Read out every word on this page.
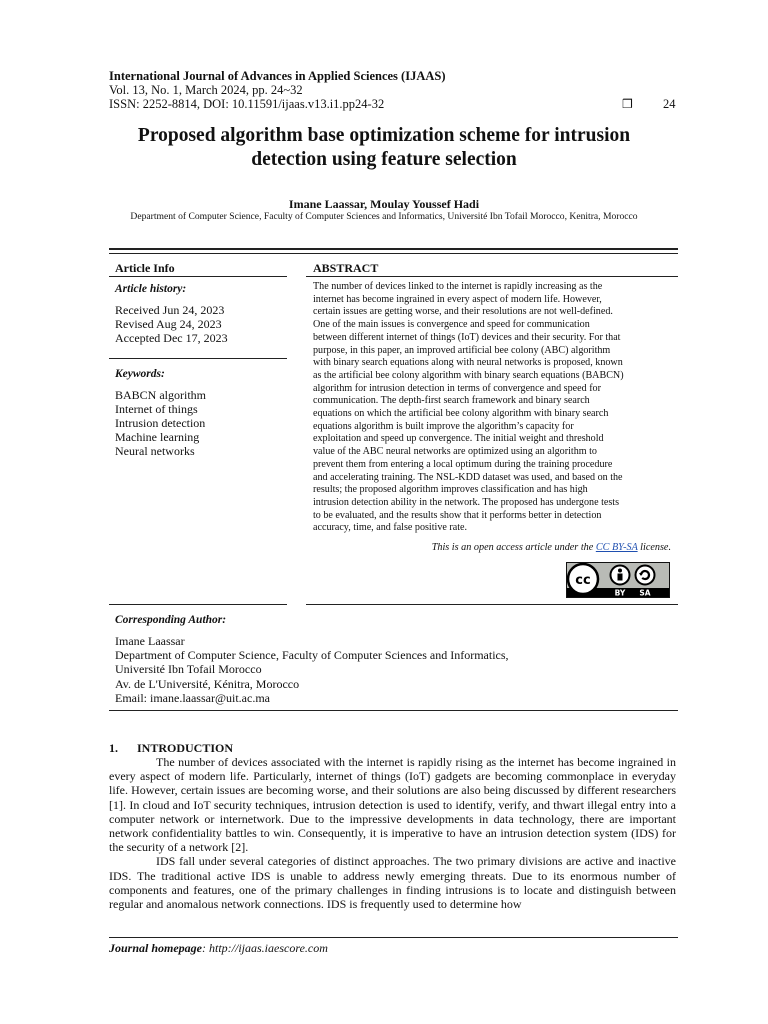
International Journal of Advances in Applied Sciences (IJAAS)
Vol. 13, No. 1, March 2024, pp. 24~32
ISSN: 2252-8814, DOI: 10.11591/ijaas.v13.i1.pp24-32	❒ 24
Proposed algorithm base optimization scheme for intrusion
detection using feature selection
Imane Laassar, Moulay Youssef Hadi
Department of Computer Science, Faculty of Computer Sciences and Informatics, Université Ibn Tofail Morocco, Kenitra, Morocco
Article Info
Article history:
Received Jun 24, 2023
Revised Aug 24, 2023
Accepted Dec 17, 2023
Keywords:
BABCN algorithm
Internet of things
Intrusion detection
Machine learning
Neural networks
ABSTRACT
The number of devices linked to the internet is rapidly increasing as the
internet has become ingrained in every aspect of modern life. However,
certain issues are getting worse, and their resolutions are not well-defined.
One of the main issues is convergence and speed for communication
between different internet of things (IoT) devices and their security. For that
purpose, in this paper, an improved artificial bee colony (ABC) algorithm
with binary search equations along with neural networks is proposed, known
as the artificial bee colony algorithm with binary search equations (BABCN)
algorithm for intrusion detection in terms of convergence and speed for
communication. The depth-first search framework and binary search
equations on which the artificial bee colony algorithm with binary search
equations algorithm is built improve the algorithm’s capacity for
exploitation and speed up convergence. The initial weight and threshold
value of the ABC neural networks are optimized using an algorithm to
prevent them from entering a local optimum during the training procedure
and accelerating training. The NSL-KDD dataset was used, and based on the
results; the proposed algorithm improves classification and has high
intrusion detection ability in the network. The proposed has undergone tests
to be evaluated, and the results show that it performs better in detection
accuracy, time, and false positive rate.
This is an open access article under the CC BY-SA license.
cc
BY SA
Corresponding Author:
Imane Laassar
Department of Computer Science, Faculty of Computer Sciences and Informatics,
Université Ibn Tofail Morocco
Av. de L'Université, Kénitra, Morocco
Email: imane.laassar@uit.ac.ma
1. INTRODUCTION

The number of devices associated with the internet is rapidly rising as the internet has become ingrained in every aspect of modern life. Particularly, internet of things (IoT) gadgets are becoming commonplace in everyday life. However, certain issues are becoming worse, and their solutions are also being discussed by different researchers [1]. In cloud and IoT security techniques, intrusion detection is used to identify, verify, and thwart illegal entry into a computer network or internetwork. Due to the impressive developments in data technology, there are important network confidentiality battles to win. Consequently, it is imperative to have an intrusion detection system (IDS) for the security of a network [2].

IDS fall under several categories of distinct approaches. The two primary divisions are active and inactive IDS. The traditional active IDS is unable to address newly emerging threats. Due to its enormous number of components and features, one of the primary challenges in finding intrusions is to locate and distinguish between regular and anomalous network connections. IDS is frequently used to determine how

Journal homepage: http://ijaas.iaescore.com
